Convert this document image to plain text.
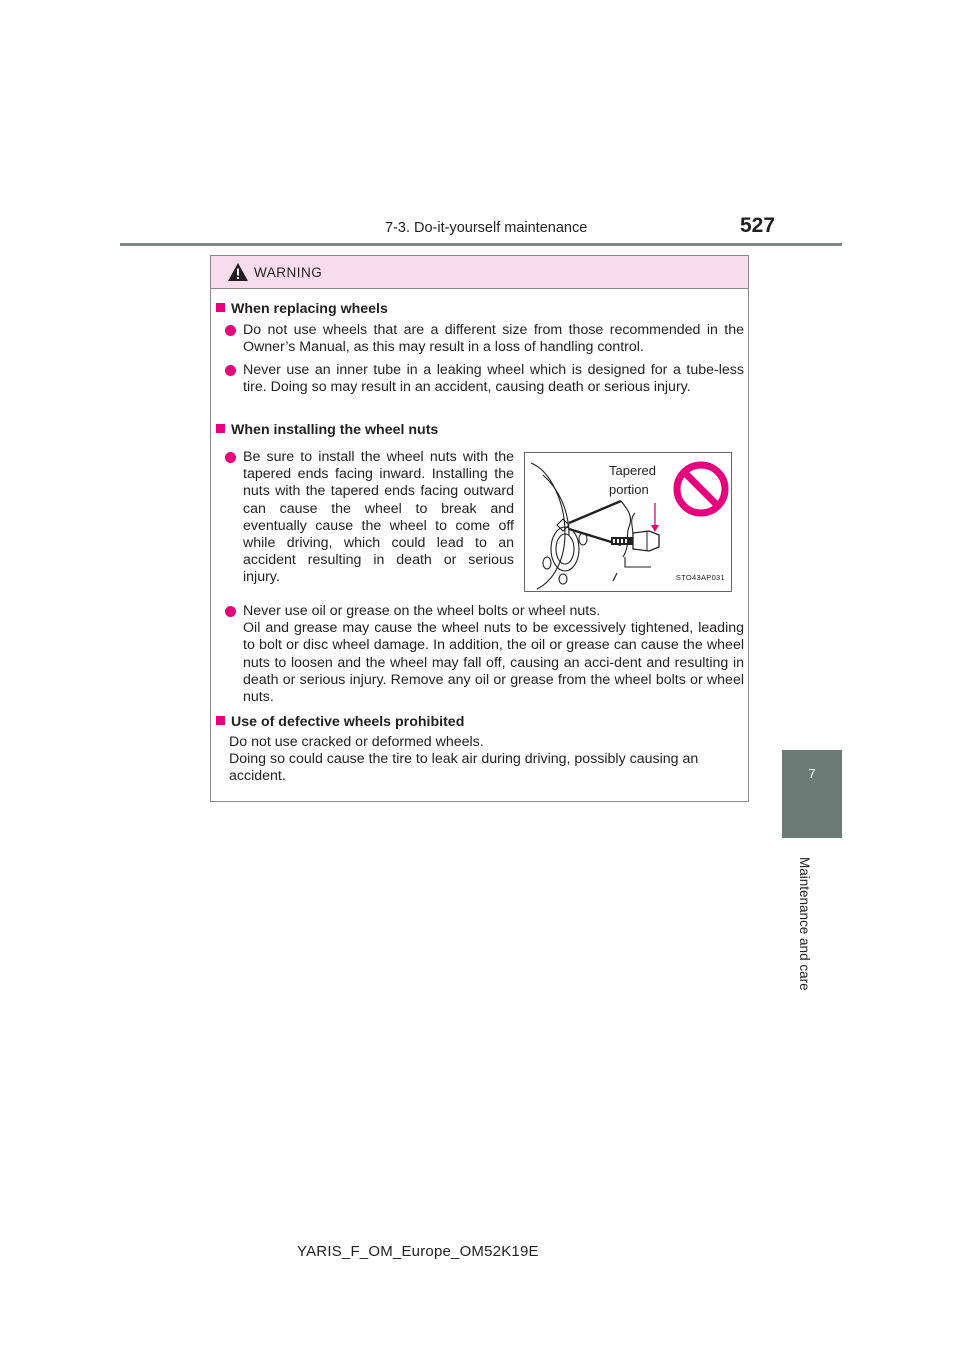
7-3. Do-it-yourself maintenance	527
7
Maintenance and care
WARNING
When replacing wheels
Do not use wheels that are a different size from those recommended in the Owner’s Manual, as this may result in a loss of handling control.
Never use an inner tube in a leaking wheel which is designed for a tube-less tire. Doing so may result in an accident, causing death or serious injury.
When installing the wheel nuts
Be sure to install the wheel nuts with the tapered ends facing inward. Installing the nuts with the tapered ends facing outward can cause the wheel to break and eventually cause the wheel to come off while driving, which could lead to an accident resulting in death or serious injury.
Tapered
portion
STO43AP031
Never use oil or grease on the wheel bolts or wheel nuts.
Oil and grease may cause the wheel nuts to be excessively tightened, leading to bolt or disc wheel damage. In addition, the oil or grease can cause the wheel nuts to loosen and the wheel may fall off, causing an acci-dent and resulting in death or serious injury. Remove any oil or grease from the wheel bolts or wheel nuts.
Use of defective wheels prohibited
Do not use cracked or deformed wheels.
Doing so could cause the tire to leak air during driving, possibly causing an accident.
YARIS_F_OM_Europe_OM52K19E
